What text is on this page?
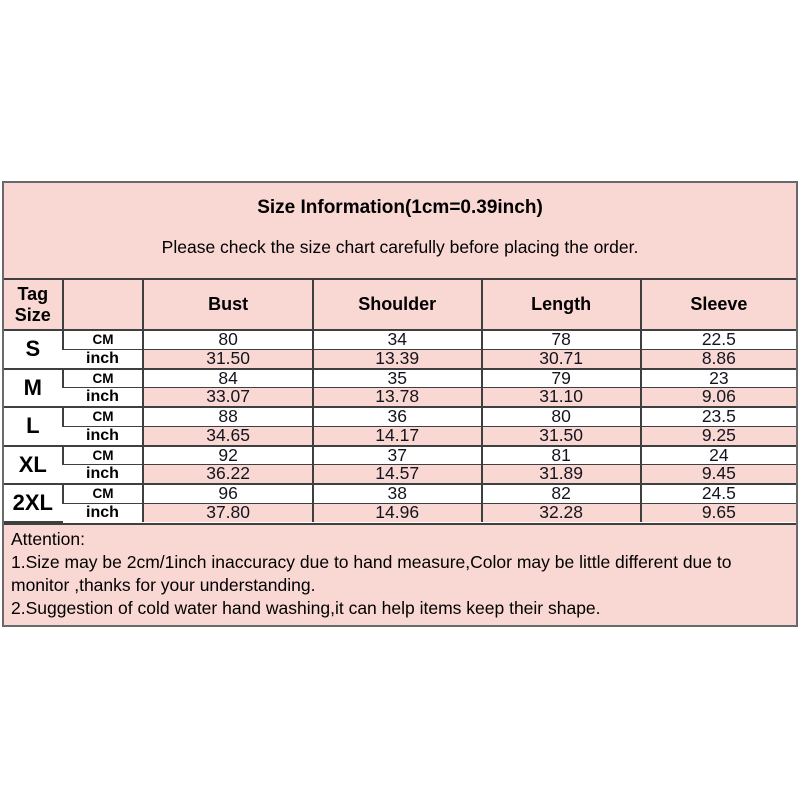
Size Information(1cm=0.39inch)
Please check the size chart carefully before placing the order.
Tag
Size		Bust	Shoulder	Length	Sleeve
S	CM	80	34	78	22.5
	inch	31.50	13.39	30.71	8.86
M	CM	84	35	79	23
	inch	33.07	13.78	31.10	9.06
L	CM	88	36	80	23.5
	inch	34.65	14.17	31.50	9.25
XL	CM	92	37	81	24
	inch	36.22	14.57	31.89	9.45
2XL	CM	96	38	82	24.5
	inch	37.80	14.96	32.28	9.65
Attention:
1.Size may be 2cm/1inch inaccuracy due to hand measure,Color may be little different due to
monitor ,thanks for your understanding.
2.Suggestion of cold water hand washing,it can help items keep their shape.
